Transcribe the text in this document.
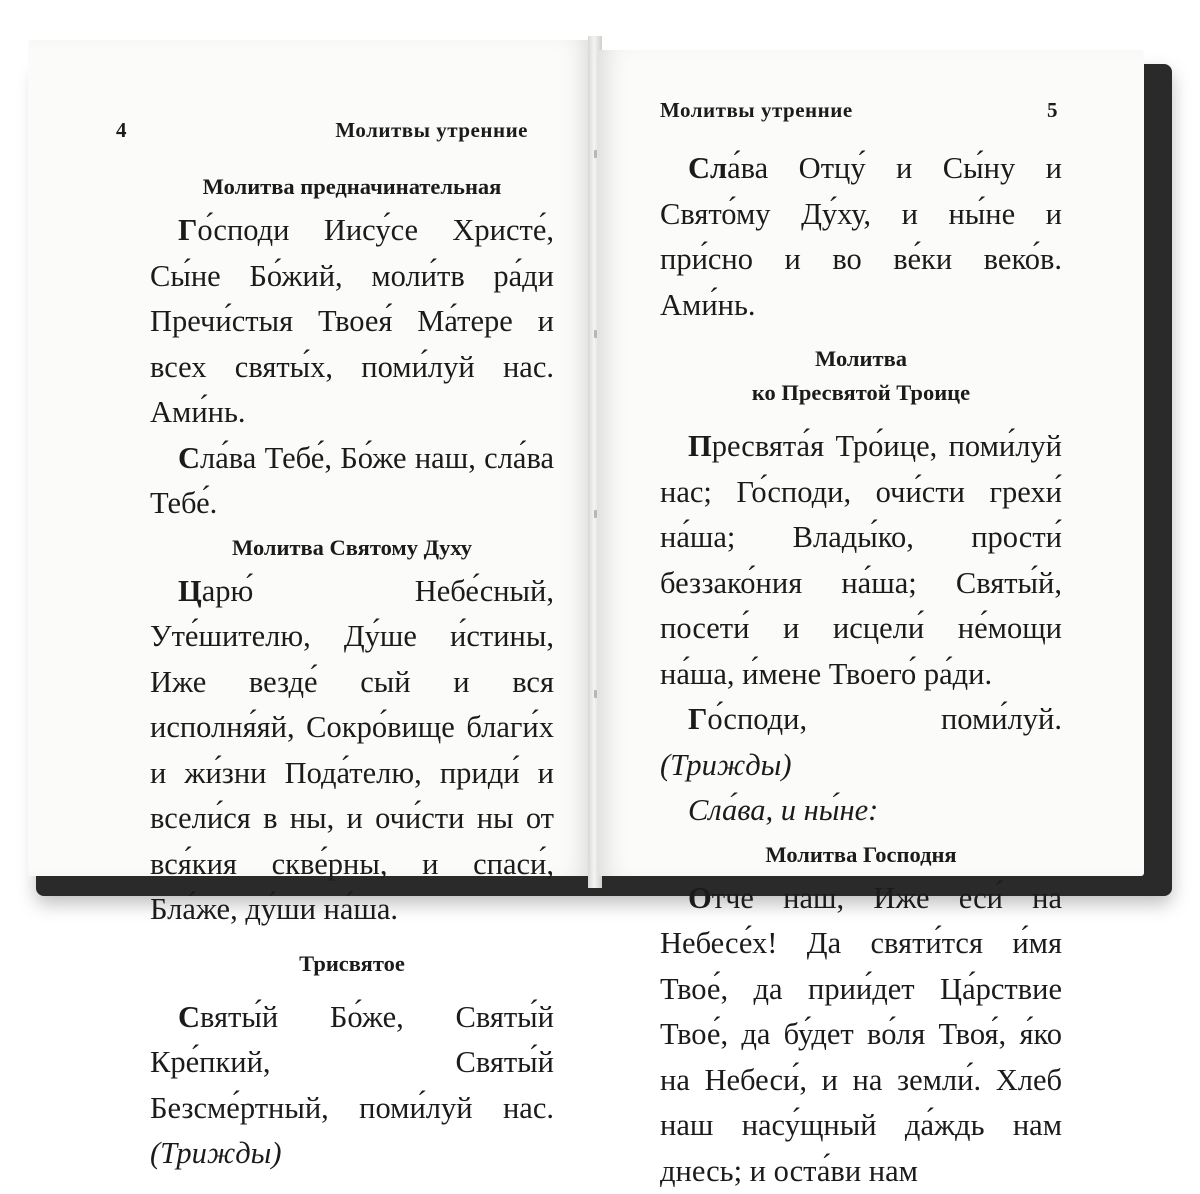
4	Молитвы утренние

Молитва предначинательная

Го́споди Иису́се Христе́, Сы́не Бо́жий, моли́тв ра́ди Пречи́стыя Твоея́ Ма́тере и всех святы́х, поми́луй нас. Ами́нь.

Сла́ва Тебе́, Бо́же наш, сла́ва Тебе́.

Молитва Святому Духу

Царю́ Небе́сный, Уте́шителю, Ду́ше и́стины, Иже везде́ сый и вся исполня́яй, Сокро́вище благи́х и жи́зни Пода́телю, приди́ и всели́ся в ны, и очи́сти ны от вся́кия скве́рны, и спаси́, Бла́же, ду́ши на́ша.

Трисвятое

Святы́й Бо́же, Святы́й Кре́пкий, Святы́й Безсме́ртный, поми́луй нас. (Трижды)

Молитвы утренние	5

Сла́ва Отцу́ и Сы́ну и Свято́му Ду́ху, и ны́не и при́сно и во ве́ки веко́в. Ами́нь.

Молитва

ко Пресвятой Троице

Пресвята́я Тро́ице, поми́луй нас; Го́споди, очи́сти грехи́ на́ша; Влады́ко, прости́ беззако́ния на́ша; Святы́й, посети́ и исцели́ не́мощи на́ша, и́мене Твоего́ ра́ди.

Го́споди, поми́луй. (Трижды)

Сла́ва, и ны́не:

Молитва Господня

Отче наш, Иже еси́ на Небесе́х! Да святи́тся и́мя Твое́, да прии́дет Ца́рствие Твое́, да бу́дет во́ля Твоя́, я́ко на Небеси́, и на земли́. Хлеб наш насу́щный да́ждь нам днесь; и оста́ви нам
